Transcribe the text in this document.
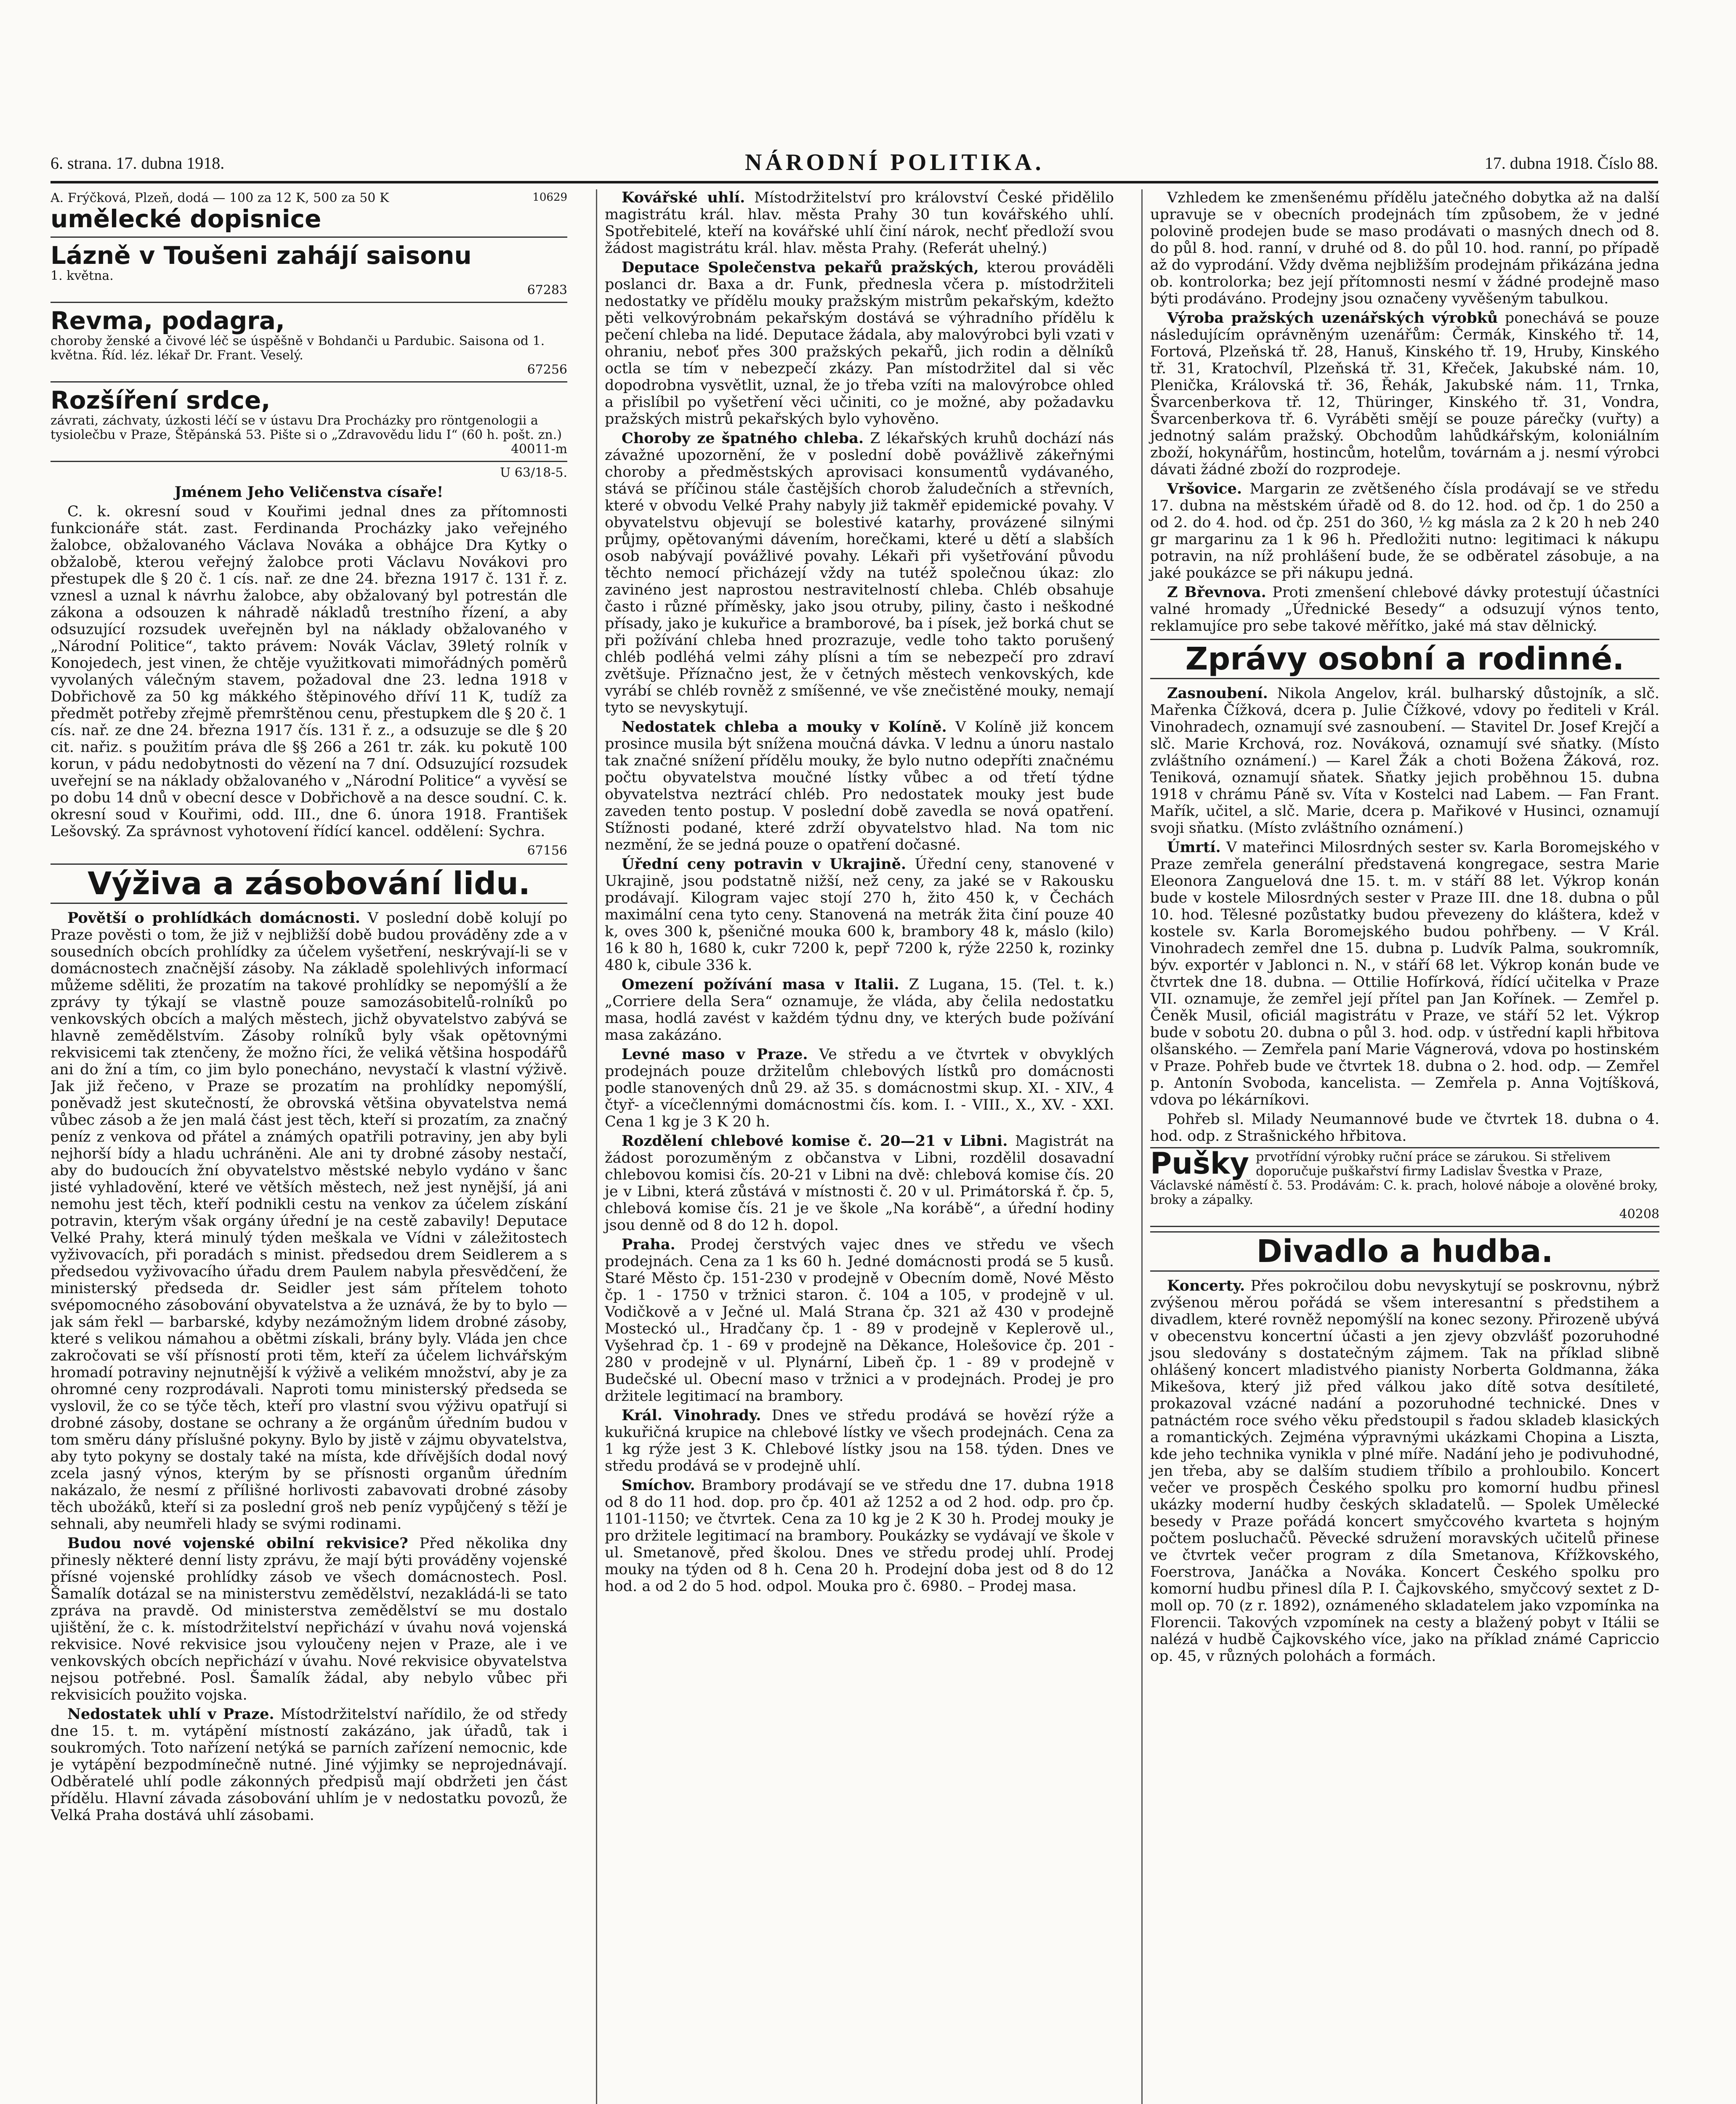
6. strana. 17. dubna 1918.	NÁRODNÍ POLITIKA.	17. dubna 1918. Číslo 88.
10629
A. Frýčková, Plzeň, dodá — 100 za 12 K, 500 za 50 K
umělecké dopisnice
Lázně v Toušeni zahájí saisonu
1. května.
67283
Revma, podagra,
choroby ženské a čivové léč se úspěšně v Bohdanči u Pardubic. Saisona od 1. května. Říd. léz. lékař Dr. Frant. Veselý.
67256
Rozšíření srdce,
závrati, záchvaty, úzkosti léčí se v ústavu Dra Procházky pro röntgenologii a tysiolečbu v Praze, Štěpánská 53. Pište si o „Zdravovědu lidu I“ (60 h. pošt. zn.)
40011-m

U 63/18-5.

Jménem Jeho Veličenstva císaře!

C. k. okresní soud v Kouřimi jednal dnes za přítomnosti funkcionáře stát. zast. Ferdinanda Procházky jako veřejného žalobce, obžalovaného Václava Nováka a obhájce Dra Kytky o obžalobě, kterou veřejný žalobce proti Václavu Novákovi pro přestupek dle § 20 č. 1 cís. nař. ze dne 24. března 1917 č. 131 ř. z. vznesl a uznal k návrhu žalobce, aby obžalovaný byl potrestán dle zákona a odsouzen k náhradě nákladů trestního řízení, a aby odsuzující rozsudek uveřejněn byl na náklady obžalovaného v „Národní Politice“, takto právem: Novák Václav, 39letý rolník v Konojedech, jest vinen, že chtěje využitkovati mimořádných poměrů vyvolaných válečným stavem, požadoval dne 23. ledna 1918 v Dobřichově za 50 kg mákkého štěpinového dříví 11 K, tudíž za předmět potřeby zřejmě přemrštěnou cenu, přestupkem dle § 20 č. 1 cís. nař. ze dne 24. března 1917 čís. 131 ř. z., a odsuzuje se dle § 20 cit. nařiz. s použitím práva dle §§ 266 a 261 tr. zák. ku pokutě 100 korun, v pádu nedobytnosti do vězení na 7 dní. Odsuzující rozsudek uveřejní se na náklady obžalovaného v „Národní Politice“ a vyvěsí se po dobu 14 dnů v obecní desce v Dobřichově a na desce soudní. C. k. okresní soud v Kouřimi, odd. III., dne 6. února 1918. František Lešovský. Za správnost vyhotovení řídící kancel. oddělení: Sychra.

67156

Výživa a zásobování lidu.

Povětší o prohlídkách domácnosti. V poslední době kolují po Praze pověsti o tom, že již v nejbližší době budou prováděny zde a v sousedních obcích prohlídky za účelem vyšetření, neskrývají-li se v domácnostech značnější zásoby. Na základě spolehlivých informací můžeme sděliti, že prozatím na takové prohlídky se nepomýšlí a že zprávy ty týkají se vlastně pouze samozásobitelů-rolníků po venkovských obcích a malých městech, jichž obyvatelstvo zabývá se hlavně zemědělstvím. Zásoby rolníků byly však opětovnými rekvisicemi tak ztenčeny, že možno říci, že veliká většina hospodářů ani do žní a tím, co jim bylo ponecháno, nevystačí k vlastní výživě. Jak již řečeno, v Praze se prozatím na prohlídky nepomýšlí, poněvadž jest skutečností, že obrovská většina obyvatelstva nemá vůbec zásob a že jen malá část jest těch, kteří si prozatím, za značný peníz z venkova od přátel a známých opatřili potraviny, jen aby byli nejhorší bídy a hladu uchráněni. Ale ani ty drobné zásoby nestačí, aby do budoucích žní obyvatelstvo městské nebylo vydáno v šanc jisté vyhladovění, které ve větších městech, než jest nynější, já ani nemohu jest těch, kteří podnikli cestu na venkov za účelem získání potravin, kterým však orgány úřední je na cestě zabavily! Deputace Velké Prahy, která minulý týden meškala ve Vídni v záležitostech vyživovacích, při poradách s minist. předsedou drem Seidlerem a s předsedou vyživovacího úřadu drem Paulem nabyla přesvědčení, že ministerský předseda dr. Seidler jest sám přítelem tohoto svépomocného zásobování obyvatelstva a že uznává, že by to bylo — jak sám řekl — barbarské, kdyby nezámožným lidem drobné zásoby, které s velikou námahou a obětmi získali, brány byly. Vláda jen chce zakročovati se vší přísností proti těm, kteří za účelem lichvářským hromadí potraviny nejnutnější k výživě a velikém množství, aby je za ohromné ceny rozprodávali. Naproti tomu ministerský předseda se vyslovil, že co se týče těch, kteří pro vlastní svou výživu opatřují si drobné zásoby, dostane se ochrany a že orgánům úředním budou v tom směru dány příslušné pokyny. Bylo by jistě v zájmu obyvatelstva, aby tyto pokyny se dostaly také na místa, kde dřívějších dodal nový zcela jasný výnos, kterým by se přísnosti organům úředním nakázalo, že nesmí z přílišné horlivosti zabavovati drobné zásoby těch ubožáků, kteří si za poslední groš neb peníz vypůjčený s těží je sehnali, aby neumřeli hlady se svými rodinami.

Budou nové vojenské obilní rekvisice? Před několika dny přinesly některé denní listy zprávu, že mají býti prováděny vojenské přísné vojenské prohlídky zásob ve všech domácnostech. Posl. Šamalík dotázal se na ministerstvu zemědělství, nezakládá-li se tato zpráva na pravdě. Od ministerstva zemědělství se mu dostalo ujištění, že c. k. místodržitelství nepřichází v úvahu nová vojenská rekvisice. Nové rekvisice jsou vyloučeny nejen v Praze, ale i ve venkovských obcích nepřichází v úvahu. Nové rekvisice obyvatelstva nejsou potřebné. Posl. Šamalík žádal, aby nebylo vůbec při rekvisicích použito vojska.

Nedostatek uhlí v Praze. Místodržitelství nařídilo, že od středy dne 15. t. m. vytápění místností zakázáno, jak úřadů, tak i soukromých. Toto nařízení netýká se parních zařízení nemocnic, kde je vytápění bezpodmínečně nutné. Jiné výjimky se neprojednávají. Odběratelé uhlí podle zákonných předpisů mají obdržeti jen část přídělu. Hlavní závada zásobování uhlím je v nedostatku povozů, že Velká Praha dostává uhlí zásobami.

Kovářské uhlí. Místodržitelství pro království České přidělilo magistrátu král. hlav. města Prahy 30 tun kovářského uhlí. Spotřebitelé, kteří na kovářské uhlí činí nárok, nechť předloží svou žádost magistrátu král. hlav. města Prahy. (Referát uhelný.)

Deputace Společenstva pekařů pražských, kterou prováděli poslanci dr. Baxa a dr. Funk, přednesla včera p. místodržiteli nedostatky ve přídělu mouky pražským mistrům pekařským, kdežto pěti velkovýrobnám pekařským dostává se výhradního přídělu k pečení chleba na lidé. Deputace žádala, aby malovýrobci byli vzati v ohraniu, neboť přes 300 pražských pekařů, jich rodin a dělníků octla se tím v nebezpečí zkázy. Pan místodržitel dal si věc dopodrobna vysvětlit, uznal, že jo třeba vzíti na malovýrobce ohled a přislíbil po vyšetření věci učiniti, co je možné, aby požadavku pražských mistrů pekařských bylo vyhověno.

Choroby ze špatného chleba. Z lékařských kruhů dochází nás závažné upozornění, že v poslední době povážlivě zákeřnými choroby a předměstských aprovisaci konsumentů vydávaného, stává se příčinou stále častějších chorob žaludečních a střevních, které v obvodu Velké Prahy nabyly již takměř epidemické povahy. V obyvatelstvu objevují se bolestivé katarhy, provázené silnými průjmy, opětovanými dávením, horečkami, které u dětí a slabších osob nabývají povážlivé povahy. Lékaři při vyšetřování původu těchto nemocí přicházejí vždy na tutéž společnou úkaz: zlo zavinéno jest naprostou nestravitelností chleba. Chléb obsahuje často i různé příměsky, jako jsou otruby, piliny, často i neškodné přísady, jako je kukuřice a bramborové, ba i písek, jež borká chut se při požívání chleba hned prozrazuje, vedle toho takto porušený chléb podléhá velmi záhy plísni a tím se nebezpečí pro zdraví zvětšuje. Příznačno jest, že v četných městech venkovských, kde vyrábí se chléb rovněž z smíšenné, ve vše znečistěné mouky, nemají tyto se nevyskytují.

Nedostatek chleba a mouky v Kolíně. V Kolíně již koncem prosince musila být snížena moučná dávka. V lednu a únoru nastalo tak značné snížení přídělu mouky, že bylo nutno odepříti značnému počtu obyvatelstva moučné lístky vůbec a od třetí týdne obyvatelstva neztrácí chléb. Pro nedostatek mouky jest bude zaveden tento postup. V poslední době zavedla se nová opatření. Stížnosti podané, které zdrží obyvatelstvo hlad. Na tom nic nezmění, že se jedná pouze o opatření dočasné.

Úřední ceny potravin v Ukrajině. Úřední ceny, stanovené v Ukrajině, jsou podstatně nižší, než ceny, za jaké se v Rakousku prodávají. Kilogram vajec stojí 270 h, žito 450 k, v Čechách maximální cena tyto ceny. Stanovená na metrák žita činí pouze 40 k, oves 300 k, pšeničné mouka 600 k, brambory 48 k, máslo (kilo) 16 k 80 h, 1680 k, cukr 7200 k, pepř 7200 k, rýže 2250 k, rozinky 480 k, cibule 336 k.

Omezení požívání masa v Italii. Z Lugana, 15. (Tel. t. k.) „Corriere della Sera“ oznamuje, že vláda, aby čelila nedostatku masa, hodlá zavést v každém týdnu dny, ve kterých bude požívání masa zakázáno.

Levné maso v Praze. Ve středu a ve čtvrtek v obvyklých prodejnách pouze držitelům chlebových lístků pro domácnosti podle stanovených dnů 29. až 35. s domácnostmi skup. XI. - XIV., 4 čtyř- a vícečlennými domácnostmi čís. kom. I. - VIII., X., XV. - XXI. Cena 1 kg je 3 K 20 h.

Rozdělení chlebové komise č. 20—21 v Libni. Magistrát na žádost porozuměným z občanstva v Libni, rozdělil dosavadní chlebovou komisi čís. 20-21 v Libni na dvě: chlebová komise čís. 20 je v Libni, která zůstává v místnosti č. 20 v ul. Primátorská ř. čp. 5, chlebová komise čís. 21 je ve škole „Na korábě“, a úřední hodiny jsou denně od 8 do 12 h. dopol.

Praha. Prodej čerstvých vajec dnes ve středu ve všech prodejnách. Cena za 1 ks 60 h. Jedné domácnosti prodá se 5 kusů. Staré Město čp. 151-230 v prodejně v Obecním domě, Nové Město čp. 1 - 1750 v tržnici staron. č. 104 a 105, v prodejně v ul. Vodičkově a v Ječné ul. Malá Strana čp. 321 až 430 v prodejně Mosteckó ul., Hradčany čp. 1 - 89 v prodejně v Keplerově ul., Vyšehrad čp. 1 - 69 v prodejně na Děkance, Holešovice čp. 201 - 280 v prodejně v ul. Plynární, Libeň čp. 1 - 89 v prodejně v Budečské ul. Obecní maso v tržnici a v prodejnách. Prodej je pro držitele legitimací na brambory.

Král. Vinohrady. Dnes ve středu prodává se hovězí rýže a kukuřičná krupice na chlebové lístky ve všech prodejnách. Cena za 1 kg rýže jest 3 K. Chlebové lístky jsou na 158. týden. Dnes ve středu prodává se v prodejně uhlí.

Smíchov. Brambory prodávají se ve středu dne 17. dubna 1918 od 8 do 11 hod. dop. pro čp. 401 až 1252 a od 2 hod. odp. pro čp. 1101-1150; ve čtvrtek. Cena za 10 kg je 2 K 30 h. Prodej mouky je pro držitele legitimací na brambory. Poukázky se vydávají ve škole v ul. Smetanově, před školou. Dnes ve středu prodej uhlí. Prodej mouky na týden od 8 h. Cena 20 h. Prodejní doba jest od 8 do 12 hod. a od 2 do 5 hod. odpol. Mouka pro č. 6980. – Prodej masa.

Vzhledem ke zmenšenému přídělu jatečného dobytka až na další upravuje se v obecních prodejnách tím způsobem, že v jedné polovině prodejen bude se maso prodávati o masných dnech od 8. do půl 8. hod. ranní, v druhé od 8. do půl 10. hod. ranní, po případě až do vyprodání. Vždy dvěma nejbližším prodejnám přikázána jedna ob. kontrolorka; bez její přítomnosti nesmí v žádné prodejně maso býti prodáváno. Prodejny jsou označeny vyvěšeným tabulkou.

Výroba pražských uzenářských výrobků ponechává se pouze následujícím oprávněným uzenářům: Čermák, Kinského tř. 14, Fortová, Plzeňská tř. 28, Hanuš, Kinského tř. 19, Hruby, Kinského tř. 31, Kratochvíl, Plzeňská tř. 31, Křeček, Jakubské nám. 10, Plenička, Královská tř. 36, Řehák, Jakubské nám. 11, Trnka, Švarcenberkova tř. 12, Thüringer, Kinského tř. 31, Vondra, Švarcenberkova tř. 6. Vyráběti smějí se pouze párečky (vuřty) a jednotný salám pražský. Obchodům lahůdkářským, koloniálním zboží, hokynářům, hostincům, hotelům, továrnám a j. nesmí výrobci dávati žádné zboží do rozprodeje.

Vršovice. Margarin ze zvětšeného čísla prodávají se ve středu 17. dubna na městském úřadě od 8. do 12. hod. od čp. 1 do 250 a od 2. do 4. hod. od čp. 251 do 360, ½ kg másla za 2 k 20 h neb 240 gr margarinu za 1 k 96 h. Předložiti nutno: legitimaci k nákupu potravin, na níž prohlášení bude, že se odběratel zásobuje, a na jaké poukázce se při nákupu jedná.

Z Břevnova. Proti zmenšení chlebové dávky protestují účastníci valné hromady „Úřednické Besedy“ a odsuzují výnos tento, reklamujíce pro sebe takové měřítko, jaké má stav dělnický.

Zprávy osobní a rodinné.

Zasnoubení. Nikola Angelov, král. bulharský důstojník, a slč. Mařenka Čížková, dcera p. Julie Čížkové, vdovy po řediteli v Král. Vinohradech, oznamují své zasnoubení. — Stavitel Dr. Josef Krejčí a slč. Marie Krchová, roz. Nováková, oznamují své sňatky. (Místo zvláštního oznámení.) — Karel Žák a choti Božena Žáková, roz. Teniková, oznamují sňatek. Sňatky jejich proběhnou 15. dubna 1918 v chrámu Páně sv. Víta v Kostelci nad Labem. — Fan Frant. Mařík, učitel, a slč. Marie, dcera p. Mařikové v Husinci, oznamují svoji sňatku. (Místo zvláštního oznámení.)

Úmrtí. V mateřinci Milosrdných sester sv. Karla Boromejského v Praze zemřela generální představená kongregace, sestra Marie Eleonora Zanguelová dne 15. t. m. v stáří 88 let. Výkrop konán bude v kostele Milosrdných sester v Praze III. dne 18. dubna o půl 10. hod. Tělesné pozůstatky budou převezeny do kláštera, kdež v kostele sv. Karla Boromejského budou pohřbeny. — V Král. Vinohradech zemřel dne 15. dubna p. Ludvík Palma, soukromník, býv. exportér v Jablonci n. N., v stáří 68 let. Výkrop konán bude ve čtvrtek dne 18. dubna. — Ottilie Hofírková, řídící učitelka v Praze VII. oznamuje, že zemřel její přítel pan Jan Kořínek. — Zemřel p. Čeněk Musil, oficiál magistrátu v Praze, ve stáří 52 let. Výkrop bude v sobotu 20. dubna o půl 3. hod. odp. v ústřední kapli hřbitova olšanského. — Zemřela paní Marie Vágnerová, vdova po hostinském v Praze. Pohřeb bude ve čtvrtek 18. dubna o 2. hod. odp. — Zemřel p. Antonín Svoboda, kancelista. — Zemřela p. Anna Vojtíšková, vdova po lékárníkovi.

Pohřeb sl. Milady Neumannové bude ve čtvrtek 18. dubna o 4. hod. odp. z Strašnického hřbitova.

Pušky prvotřídní výrobky ruční práce se zárukou. Si střelivem doporučuje puškařství firmy Ladislav Švestka v Praze, Václavské náměstí č. 53. Prodávám: C. k. prach, holové náboje a olověné broky, broky a zápalky.
40208
Divadlo a hudba.

Koncerty. Přes pokročilou dobu nevyskytují se poskrovnu, nýbrž zvýšenou měrou pořádá se všem interesantní s předstihem a divadlem, které rovněž nepomýšlí na konec sezony. Přirozeně ubývá v obecenstvu koncertní účasti a jen zjevy obzvlášť pozoruhodné jsou sledovány s dostatečným zájmem. Tak na příklad slibně ohlášený koncert mladistvého pianisty Norberta Goldmanna, žáka Mikešova, který již před válkou jako dítě sotva desítileté, prokazoval vzácné nadání a pozoruhodné technické. Dnes v patnáctém roce svého věku předstoupil s řadou skladeb klasických a romantických. Zejména výpravnými ukázkami Chopina a Liszta, kde jeho technika vynikla v plné míře. Nadání jeho je podivuhodné, jen třeba, aby se dalším studiem tříbilo a prohloubilo. Koncert večer ve prospěch Českého spolku pro komorní hudbu přinesl ukázky moderní hudby českých skladatelů. — Spolek Umělecké besedy v Praze pořádá koncert smyčcového kvarteta s hojným počtem posluchačů. Pěvecké sdružení moravských učitelů přinese ve čtvrtek večer program z díla Smetanova, Křížkovského, Foerstrova, Janáčka a Nováka. Koncert Českého spolku pro komorní hudbu přinesl díla P. I. Čajkovského, smyčcový sextet z D-moll op. 70 (z r. 1892), oznámeného skladatelem jako vzpomínka na Florencii. Takových vzpomínek na cesty a blažený pobyt v Itálii se nalézá v hudbě Čajkovského více, jako na příklad známé Capriccio op. 45, v různých polohách a formách.
